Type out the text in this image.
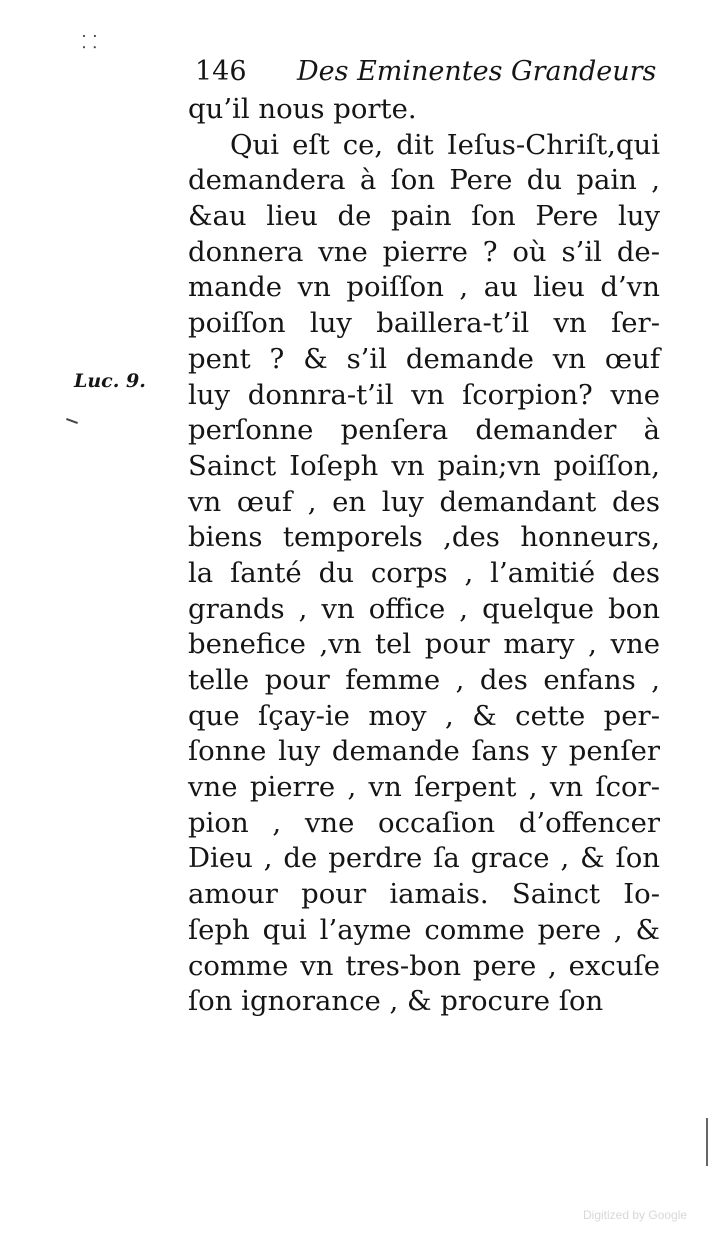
⸬
146 Des Eminentes Grandeurs
Luc. 9.
qu’il nous porte.
Qui eſt ce, dit Ieſus-Chriſt,qui
demandera à ſon Pere du pain ,
&au lieu de pain ſon Pere luy
donnera vne pierre ? où s’il de-
mande vn poiſſon , au lieu d’vn
poiſſon luy baillera-t’il vn ſer-
pent ? & s’il demande vn œuf
luy donnra-t’il vn ſcorpion? vne
perſonne penſera demander à
Sainct Ioſeph vn pain;vn poiſſon,
vn œuf , en luy demandant des
biens temporels ,des honneurs,
la ſanté du corps , l’amitié des
grands , vn office , quelque bon
benefice ,vn tel pour mary , vne
telle pour femme , des enfans ,
que ſçay-ie moy , & cette per-
ſonne luy demande ſans y penſer
vne pierre , vn ſerpent , vn ſcor-
pion , vne occaſion d’offencer
Dieu , de perdre ſa grace , & ſon
amour pour iamais. Sainct Io-
ſeph qui l’ayme comme pere , &
comme vn tres-bon pere , excuſe
ſon ignorance , & procure ſon
Digitized by Google
